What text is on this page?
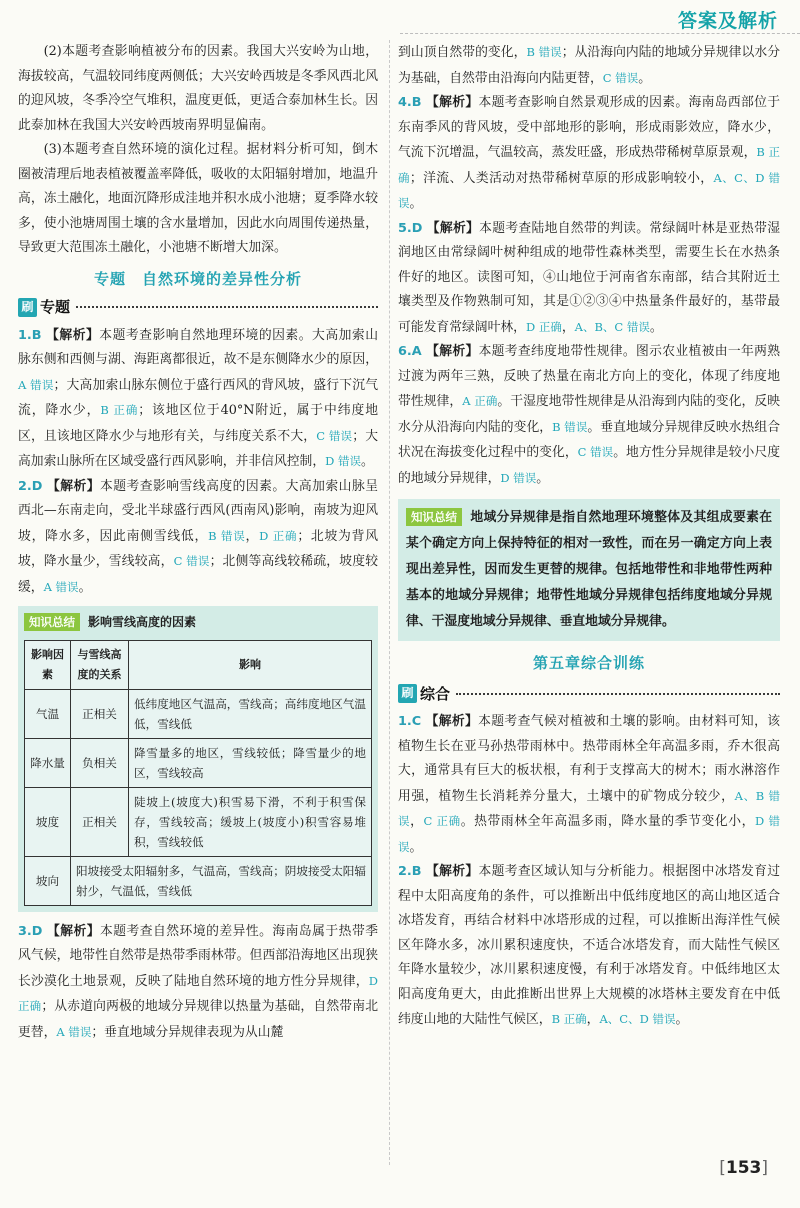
答案及解析

(2)本题考查影响植被分布的因素。我国大兴安岭为山地，海拔较高，气温较同纬度两侧低；大兴安岭西坡是冬季风西北风的迎风坡，冬季冷空气堆积，温度更低，更适合泰加林生长。因此泰加林在我国大兴安岭西坡南界明显偏南。

(3)本题考查自然环境的演化过程。据材料分析可知，倒木圈被清理后地表植被覆盖率降低，吸收的太阳辐射增加，地温升高，冻土融化，地面沉降形成洼地并积水成小池塘；夏季降水较多，使小池塘周围土壤的含水量增加，因此水向周围传递热量，导致更大范围冻土融化，小池塘不断增大加深。

专题　自然环境的差异性分析
刷 专题

1.B 【解析】本题考查影响自然地理环境的因素。大高加索山脉东侧和西侧与湖、海距离都很近，故不是东侧降水少的原因，A 错误；大高加索山脉东侧位于盛行西风的背风坡，盛行下沉气流，降水少，B 正确；该地区位于40°N附近，属于中纬度地区，且该地区降水少与地形有关，与纬度关系不大，C 错误；大高加索山脉所在区域受盛行西风影响，并非信风控制，D 错误。

2.D 【解析】本题考查影响雪线高度的因素。大高加索山脉呈西北—东南走向，受北半球盛行西风(西南风)影响，南坡为迎风坡，降水多，因此南侧雪线低，B 错误，D 正确；北坡为背风坡，降水量少，雪线较高，C 错误；北侧等高线较稀疏，坡度较缓，A 错误。

知识总结 影响雪线高度的因素
影响因素	与雪线高度的关系	影响
气温	正相关	低纬度地区气温高，雪线高；高纬度地区气温低，雪线低
降水量	负相关	降雪量多的地区，雪线较低；降雪量少的地区，雪线较高
坡度	正相关	陡坡上(坡度大)积雪易下滑，不利于积雪保存，雪线较高；缓坡上(坡度小)积雪容易堆积，雪线较低
坡向	阳坡接受太阳辐射多，气温高，雪线高；阴坡接受太阳辐射少，气温低，雪线低	

3.D 【解析】本题考查自然环境的差异性。海南岛属于热带季风气候，地带性自然带是热带季雨林带。但西部沿海地区出现狭长沙漠化土地景观，反映了陆地自然环境的地方性分异规律，D 正确；从赤道向两极的地域分异规律以热量为基础，自然带南北更替，A 错误；垂直地域分异规律表现为从山麓

到山顶自然带的变化，B 错误；从沿海向内陆的地域分异规律以水分为基础，自然带由沿海向内陆更替，C 错误。

4.B 【解析】本题考查影响自然景观形成的因素。海南岛西部位于东南季风的背风坡，受中部地形的影响，形成雨影效应，降水少，气流下沉增温，气温较高，蒸发旺盛，形成热带稀树草原景观，B 正确；洋流、人类活动对热带稀树草原的形成影响较小，A、C、D 错误。

5.D 【解析】本题考查陆地自然带的判读。常绿阔叶林是亚热带湿润地区由常绿阔叶树种组成的地带性森林类型，需要生长在水热条件好的地区。读图可知，④山地位于河南省东南部，结合其附近土壤类型及作物熟制可知，其是①②③④中热量条件最好的，基带最可能发育常绿阔叶林，D 正确，A、B、C 错误。

6.A 【解析】本题考查纬度地带性规律。图示农业植被由一年两熟过渡为两年三熟，反映了热量在南北方向上的变化，体现了纬度地带性规律，A 正确。干湿度地带性规律是从沿海到内陆的变化，反映水分从沿海向内陆的变化，B 错误。垂直地域分异规律反映水热组合状况在海拔变化过程中的变化，C 错误。地方性分异规律是较小尺度的地域分异规律，D 错误。

知识总结 地域分异规律是指自然地理环境整体及其组成要素在某个确定方向上保持特征的相对一致性，而在另一确定方向上表现出差异性，因而发生更替的规律。包括地带性和非地带性两种基本的地域分异规律；地带性地域分异规律包括纬度地域分异规律、干湿度地域分异规律、垂直地域分异规律。
第五章综合训练
刷 综合

1.C 【解析】本题考查气候对植被和土壤的影响。由材料可知，该植物生长在亚马孙热带雨林中。热带雨林全年高温多雨，乔木很高大，通常具有巨大的板状根，有利于支撑高大的树木；雨水淋溶作用强，植物生长消耗养分量大，土壤中的矿物成分较少，A、B 错误，C 正确。热带雨林全年高温多雨，降水量的季节变化小，D 错误。

2.B 【解析】本题考查区域认知与分析能力。根据图中冰塔发育过程中太阳高度角的条件，可以推断出中低纬度地区的高山地区适合冰塔发育，再结合材料中冰塔形成的过程，可以推断出海洋性气候区年降水多，冰川累积速度快，不适合冰塔发育，而大陆性气候区年降水量较少，冰川累积速度慢，有利于冰塔发育。中低纬地区太阳高度角更大，由此推断出世界上大规模的冰塔林主要发育在中低纬度山地的大陆性气候区，B 正确，A、C、D 错误。

[153]
